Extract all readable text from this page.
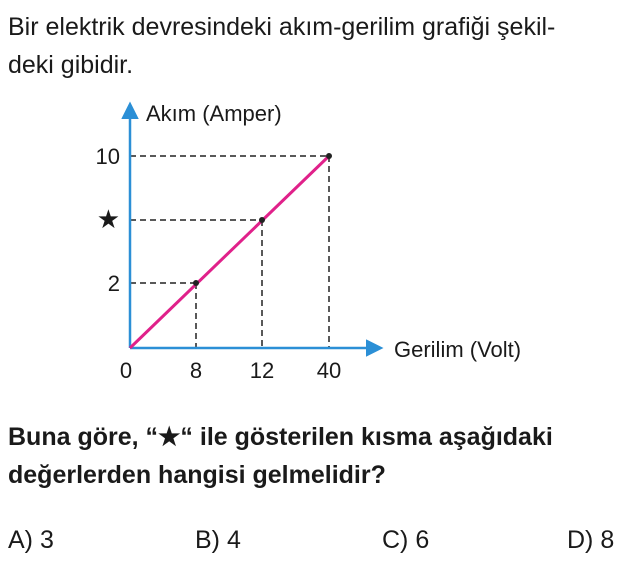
Bir elektrik devresindeki akım-gerilim grafiği şekil-
deki gibidir.
0	8 12 40
2
★
10
Gerilim (Volt)
Akım (Amper)
Buna göre, “★“ ile gösterilen kısma aşağıdaki
değerlerden hangisi gelmelidir?
A) 3	B) 4	C) 6	D) 8
